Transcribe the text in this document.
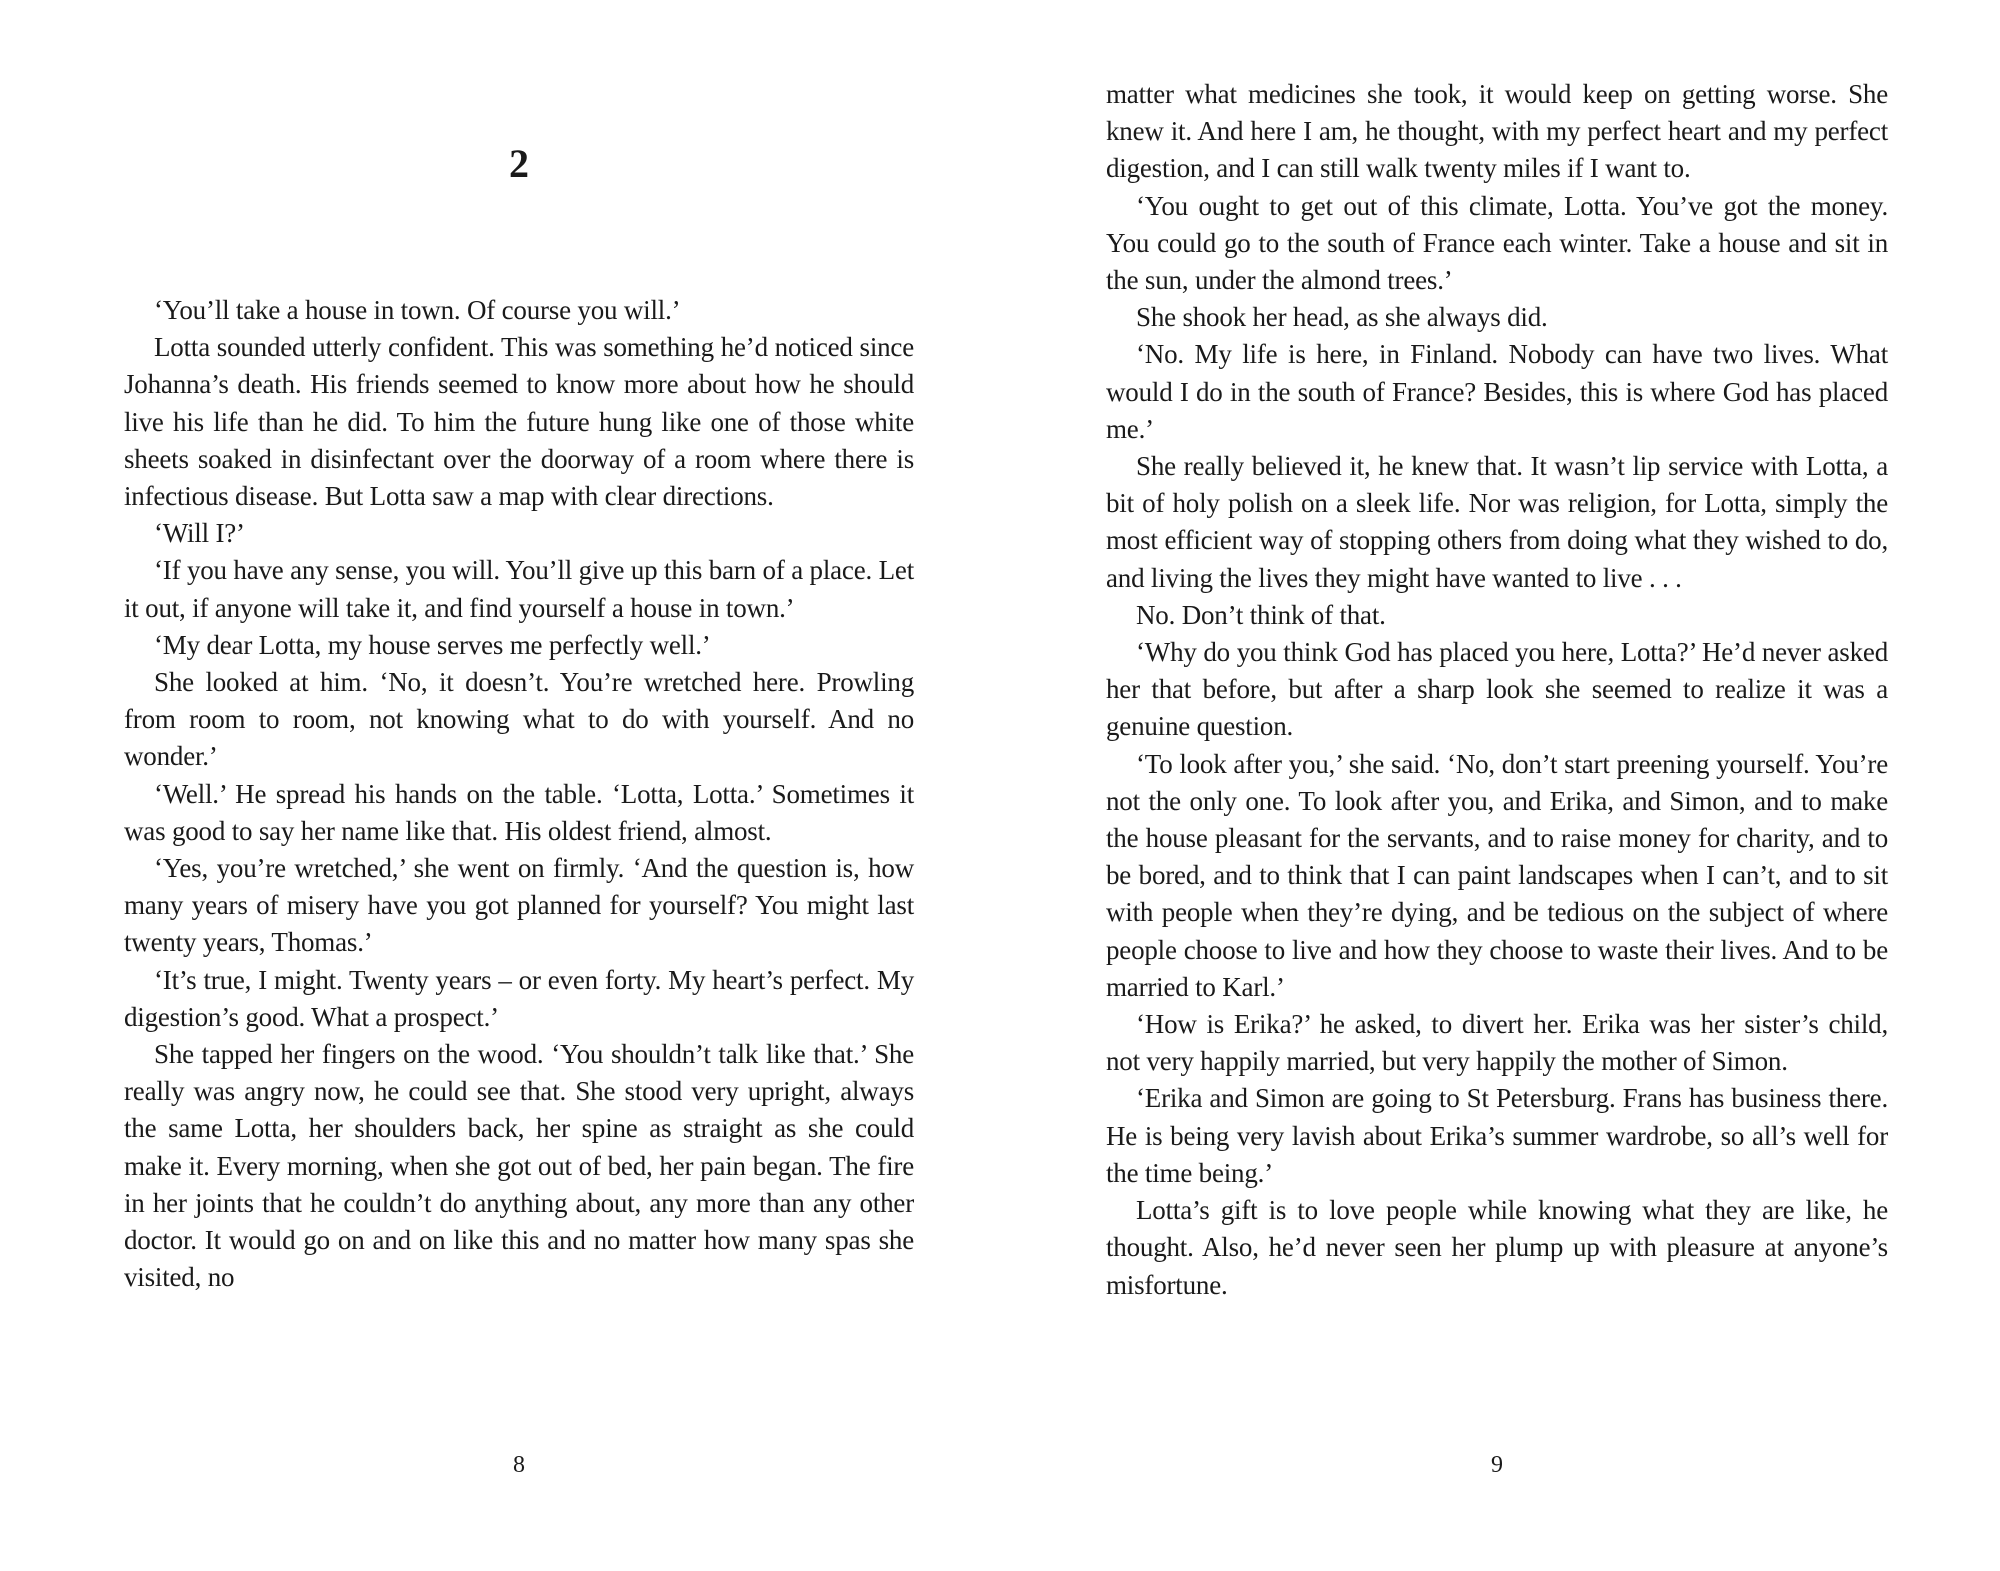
2

‘You’ll take a house in town. Of course you will.’

Lotta sounded utterly confident. This was something he’d noticed since Johanna’s death. His friends seemed to know more about how he should live his life than he did. To him the future hung like one of those white sheets soaked in disinfectant over the doorway of a room where there is infectious disease. But Lotta saw a map with clear directions.

‘Will I?’

‘If you have any sense, you will. You’ll give up this barn of a place. Let it out, if anyone will take it, and find yourself a house in town.’

‘My dear Lotta, my house serves me perfectly well.’

She looked at him. ‘No, it doesn’t. You’re wretched here. Prowling from room to room, not knowing what to do with yourself. And no wonder.’

‘Well.’ He spread his hands on the table. ‘Lotta, Lotta.’ Sometimes it was good to say her name like that. His oldest friend, almost.

‘Yes, you’re wretched,’ she went on firmly. ‘And the question is, how many years of misery have you got planned for yourself? You might last twenty years, Thomas.’

‘It’s true, I might. Twenty years – or even forty. My heart’s perfect. My digestion’s good. What a prospect.’

She tapped her fingers on the wood. ‘You shouldn’t talk like that.’ She really was angry now, he could see that. She stood very upright, always the same Lotta, her shoulders back, her spine as straight as she could make it. Every morning, when she got out of bed, her pain began. The fire in her joints that he couldn’t do anything about, any more than any other doctor. It would go on and on like this and no matter how many spas she visited, no

8

matter what medicines she took, it would keep on getting worse. She knew it. And here I am, he thought, with my perfect heart and my perfect digestion, and I can still walk twenty miles if I want to.

‘You ought to get out of this climate, Lotta. You’ve got the money. You could go to the south of France each winter. Take a house and sit in the sun, under the almond trees.’

She shook her head, as she always did.

‘No. My life is here, in Finland. Nobody can have two lives. What would I do in the south of France? Besides, this is where God has placed me.’

She really believed it, he knew that. It wasn’t lip service with Lotta, a bit of holy polish on a sleek life. Nor was religion, for Lotta, simply the most efficient way of stopping others from doing what they wished to do, and living the lives they might have wanted to live . . .

No. Don’t think of that.

‘Why do you think God has placed you here, Lotta?’ He’d never asked her that before, but after a sharp look she seemed to realize it was a genuine question.

‘To look after you,’ she said. ‘No, don’t start preening yourself. You’re not the only one. To look after you, and Erika, and Simon, and to make the house pleasant for the servants, and to raise money for charity, and to be bored, and to think that I can paint landscapes when I can’t, and to sit with people when they’re dying, and be tedious on the subject of where people choose to live and how they choose to waste their lives. And to be married to Karl.’

‘How is Erika?’ he asked, to divert her. Erika was her sister’s child, not very happily married, but very happily the mother of Simon.

‘Erika and Simon are going to St Petersburg. Frans has business there. He is being very lavish about Erika’s summer wardrobe, so all’s well for the time being.’

Lotta’s gift is to love people while knowing what they are like, he thought. Also, he’d never seen her plump up with pleasure at anyone’s misfortune.

9
